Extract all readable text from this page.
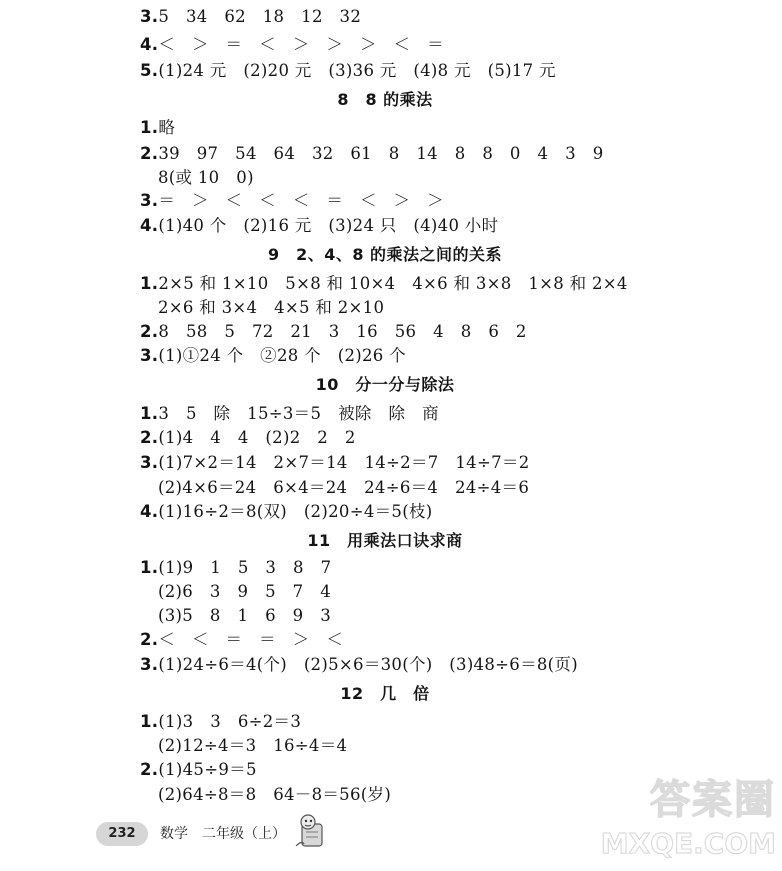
3.5　34　62　18　12　32
4.＜　＞　＝　＜　＞　＞　＞　＜　＝
5.(1)24 元　(2)20 元　(3)36 元　(4)8 元　(5)17 元
8　8 的乘法
1.略
2.39　97　54　64　32　61　8　14　8　8　0　4　3　9
8(或 10　0)
3.＝　＞　＜　＜　＜　＝　＜　＞　＞
4.(1)40 个　(2)16 元　(3)24 只　(4)40 小时
9　2、4、8 的乘法之间的关系
1.2×5 和 1×10　5×8 和 10×4　4×6 和 3×8　1×8 和 2×4
2×6 和 3×4　4×5 和 2×10
2.8　58　5　72　21　3　16　56　4　8　6　2
3.(1)①24 个　②28 个　(2)26 个
10　分一分与除法
1.3　5　除　15÷3＝5　被除　除　商
2.(1)4　4　4　(2)2　2　2
3.(1)7×2＝14　2×7＝14　14÷2＝7　14÷7＝2
(2)4×6＝24　6×4＝24　24÷6＝4　24÷4＝6
4.(1)16÷2＝8(双)　(2)20÷4＝5(枝)
11　用乘法口诀求商
1.(1)9　1　5　3　8　7
(2)6　3　9　5　7　4
(3)5　8　1　6　9　3
2.＜　＜　＝　＝　＞　＜
3.(1)24÷6＝4(个)　(2)5×6＝30(个)　(3)48÷6＝8(页)
12　几　倍
1.(1)3　3　6÷2＝3
(2)12÷4＝3　16÷4＝4
2.(1)45÷9＝5
(2)64÷8＝8　64－8＝56(岁)
232	数学　二年级（上）
答案圈
MXQE.COM
